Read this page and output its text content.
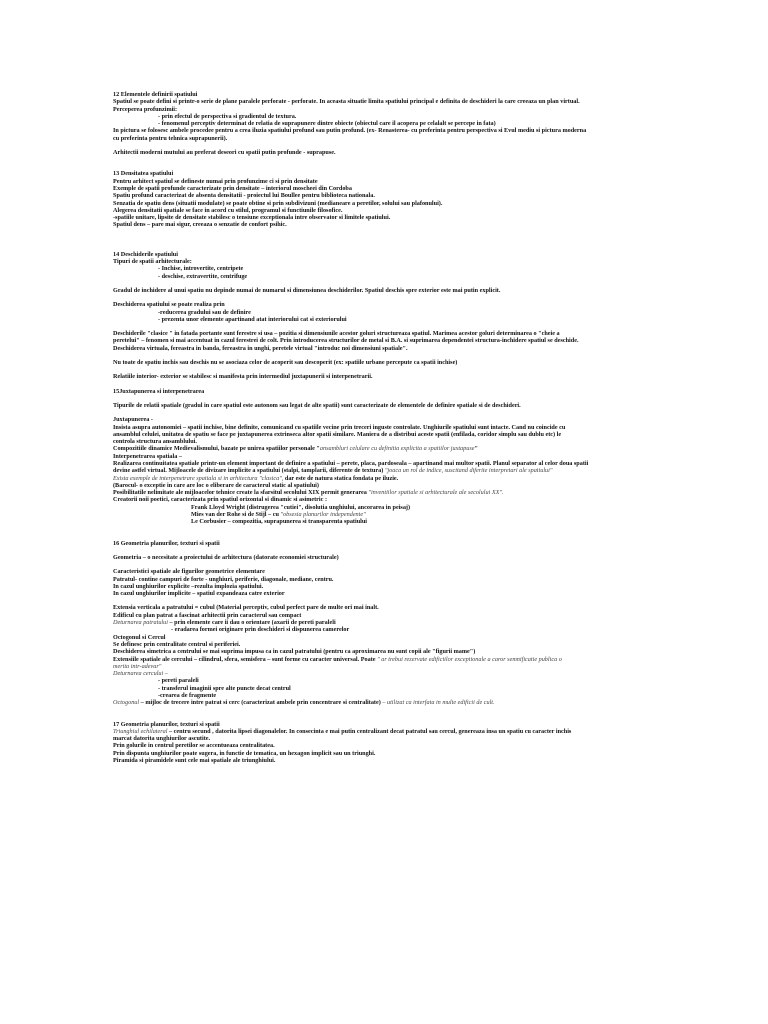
12 Elementele definirii spatiului
Spatiul se poate defini si printr-o serie de plane paralele perforate - perforate. In aceasta situatie limita spatiului principal e definita de deschideri la care creeaza un plan virtual.
Perceperea profunzimii:
- prin efectul de perspectiva si gradientul de textura.
- fenomenul perceptiv determinat de relatia de suprapunere dintre obiecte (obiectul care il acopera pe celalalt se percepe in fata)
In pictura se folosesc ambele procedee pentru a crea iluzia spatiului profund sau putin profund. (ex- Renasterea- cu preferinta pentru perspectiva si Evul mediu si pictura moderna
cu preferinta pentru tehnica suprapunerii).
Arhitectii moderni mutului au preferat deseori cu spatii putin profunde - suprapuse.
13 Densitatea spatiului
Pentru arhitect spatiul se defineste numai prin profunzime ci si prin densitate
Exemple de spatii profunde caracterizate prin densitate – interiorul moscheei din Cordoba
Spatiu profund caracterizat de absenta densitatii - proiectul lui Boullee pentru biblioteca nationala.
Senzatia de spatiu dens (situatii modulate) se poate obtine si prin subdivizuni (medianeare a peretilor, solului sau plafonului).
Alegerea densitatii spatiale se face in acord cu stilul, programul si functiunile filosofice.
-spatiile unitare, lipsite de densitate stabilesc o tensiune exceptionala intre observator si limitele spatiului.
Spatiul dens – pare mai sigur, creeaza o senzatie de confort psihic.
14 Deschiderile spatiului
Tipuri de spatii arhitecturale:
- Inchise, introvertite, centripete
- deschise, extravertite, centrifuge
Gradul de inchidere al unui spatiu nu depinde numai de numarul si dimensiunea deschiderilor. Spatiul deschis spre exterior este mai putin explicit.
Deschiderea spatiului se poate realiza prin
-reducerea gradului sau de definire
- prezenta unor elemente apartinand atat interiorului cat si exteriorului
Deschiderile "clasice " in fatada portante sunt ferestre si usa – pozitia si dimensiunile acestor goluri structureaza spatiul. Marimea acestor goluri determinarea o "cheie a
peretelui" – fenomen si mai accentuat in cazul ferestrei de colt. Prin introducerea structurilor de metal si B.A. si suprimarea dependentei structura-inchidere spatiul se deschide.
Deschiderea virtuala, fereastra in banda, fereastra in unghi, peretele virtual "introduc noi dimensiuni spatiale".
Nu toate de spatiu inchis sau deschis nu se asociaza celor de acoperit sau descoperit (ex: spatiile urbane percepute ca spatii inchise)
Relatiile interior- exterior se stabilesc si manifesta prin intermediul juxtapunerii si interpenetrarii.
15Juxtapunerea si interpenetrarea
Tipurile de relatii spatiale (gradul in care spatiul este autonom sau legat de alte spatii) sunt caracterizate de elementele de definire spatiale si de deschideri.
Juxtapunerea -
Insista asupra autonomiei – spatii inchise, bine definite, comunicand cu spatiile vecine prin treceri inguste controlate. Unghiurile spatiului sunt intacte. Cand nu coincide cu
ansamblul celulei, unitatea de spatiu se face pe juxtapunerea extrinseca altor spatii similare. Maniera de a distribui aceste spatii (enfilada, coridor simplu sau dublu etc) le
controla structura ansamblului.
Compozitiile dinamice Medievalismului, bazate pe unirea spatiilor personale "ansambluri celulare cu definitia explicita a spatiilor juxtapuse"
Interpenetrarea spatiala –
Realizarea continuitatea spatiale printr-un element important de definire a spatiului – perete, placa, pardoseala – apartinand mai multor spatii. Planul separator al celor doua spatii
devine astfel virtual. Mijloacele de divizare implicite a spatiului (stalpi, tamplarii, diferente de textura) "joaca un rol de indice, suscitand diferite interpretari ale spatiului"
Exista exemple de interpenetrare spatiala si in arhitectura "clasica", dar este de natura statica fondata pe iluzie.
(Barocul- o exceptie in care are loc o eliberare de caracterul static al spatiului)
Posibilitatile nelimitate ale mijloacelor tehnice create la sfarsitul secolului XIX permit generarea "inventiilor spatiale si arhitecturale ale secolului XX".
Creatorii noii poetici, caracterizata prin spatiul orizontal si dinamic si asimetric :
Frank Lloyd Wright (distrugerea "cutiei", disolutia unghiului, ancorarea in peisaj)
Mies van der Rohe si de Stijl – cu "obsesia planurilor independente"
Le Corbusier – compozitia, suprapunerea si transparenta spatiului
16 Geometria planurilor, texturi si spatii
Geometria – o necesitate a proiectului de arhitectura (datorate economiei structurale)
Caracteristici spatiale ale figurilor geometrice elementare
Patratul- contine campuri de forte - unghiuri, periferie, diagonale, mediane, centru.
In cazul unghiurilor explicite –rezulta implozia spatiului.
In cazul unghiurilor implicite – spatiul expandeaza catre exterior
Extensia verticala a patratului = cubul (Material perceptiv, cubul perfect pare de multe ori mai inalt.
Edificul cu plan patrat a fascinat arhitectii prin caracterul sau compact
Deturnarea patratului – prin elemente care ii dau o orientare (axarii de pereti paraleli
- eradarea formei originare prin deschideri si dispunerea camerelor
Octogonul si Cercul
Se definesc prin centralitate centrul si periferiei.
Deschiderea simetrica a centrului se mai suprima impusa ca in cazul patratului (pentru ca aproximarea nu sunt copii ale "figurii mame")
Extensiile spatiale ale cercului – cilindrul, sfera, semisfera – sunt forme cu caracter universal. Poate " ar trebui rezervate edificiilor exceptionale a caror semnificatie publica o
merita intr-adevar"
Deturnarea cercului –
- pereti paraleli
- transferul imaginii spre alte puncte decat centrul
-crearea de fragmente
Octogonul – mijloc de trecere intre patrat si cerc (caracterizat ambele prin concentrare si centralitate) – utilizat ca interfata in multe edificii de cult.
17 Geometria planurilor, texturi si spatii
Triunghiul echilateral – centru secund , datorita lipsei diagonalelor. In consecinta e mai putin centralizant decat patratul sau cercul, genereaza insa un spatiu cu caracter inchis
marcat datorita unghiurilor ascutite.
Prin golurile in centrul peretilor se accentueaza centralitatea.
Prin dispunta unghiurilor poate sugera, in functie de tematica, un hexagon implicit sau un triunghi.
Piramida si piramidele sunt cele mai spatiale ale triunghiului.
